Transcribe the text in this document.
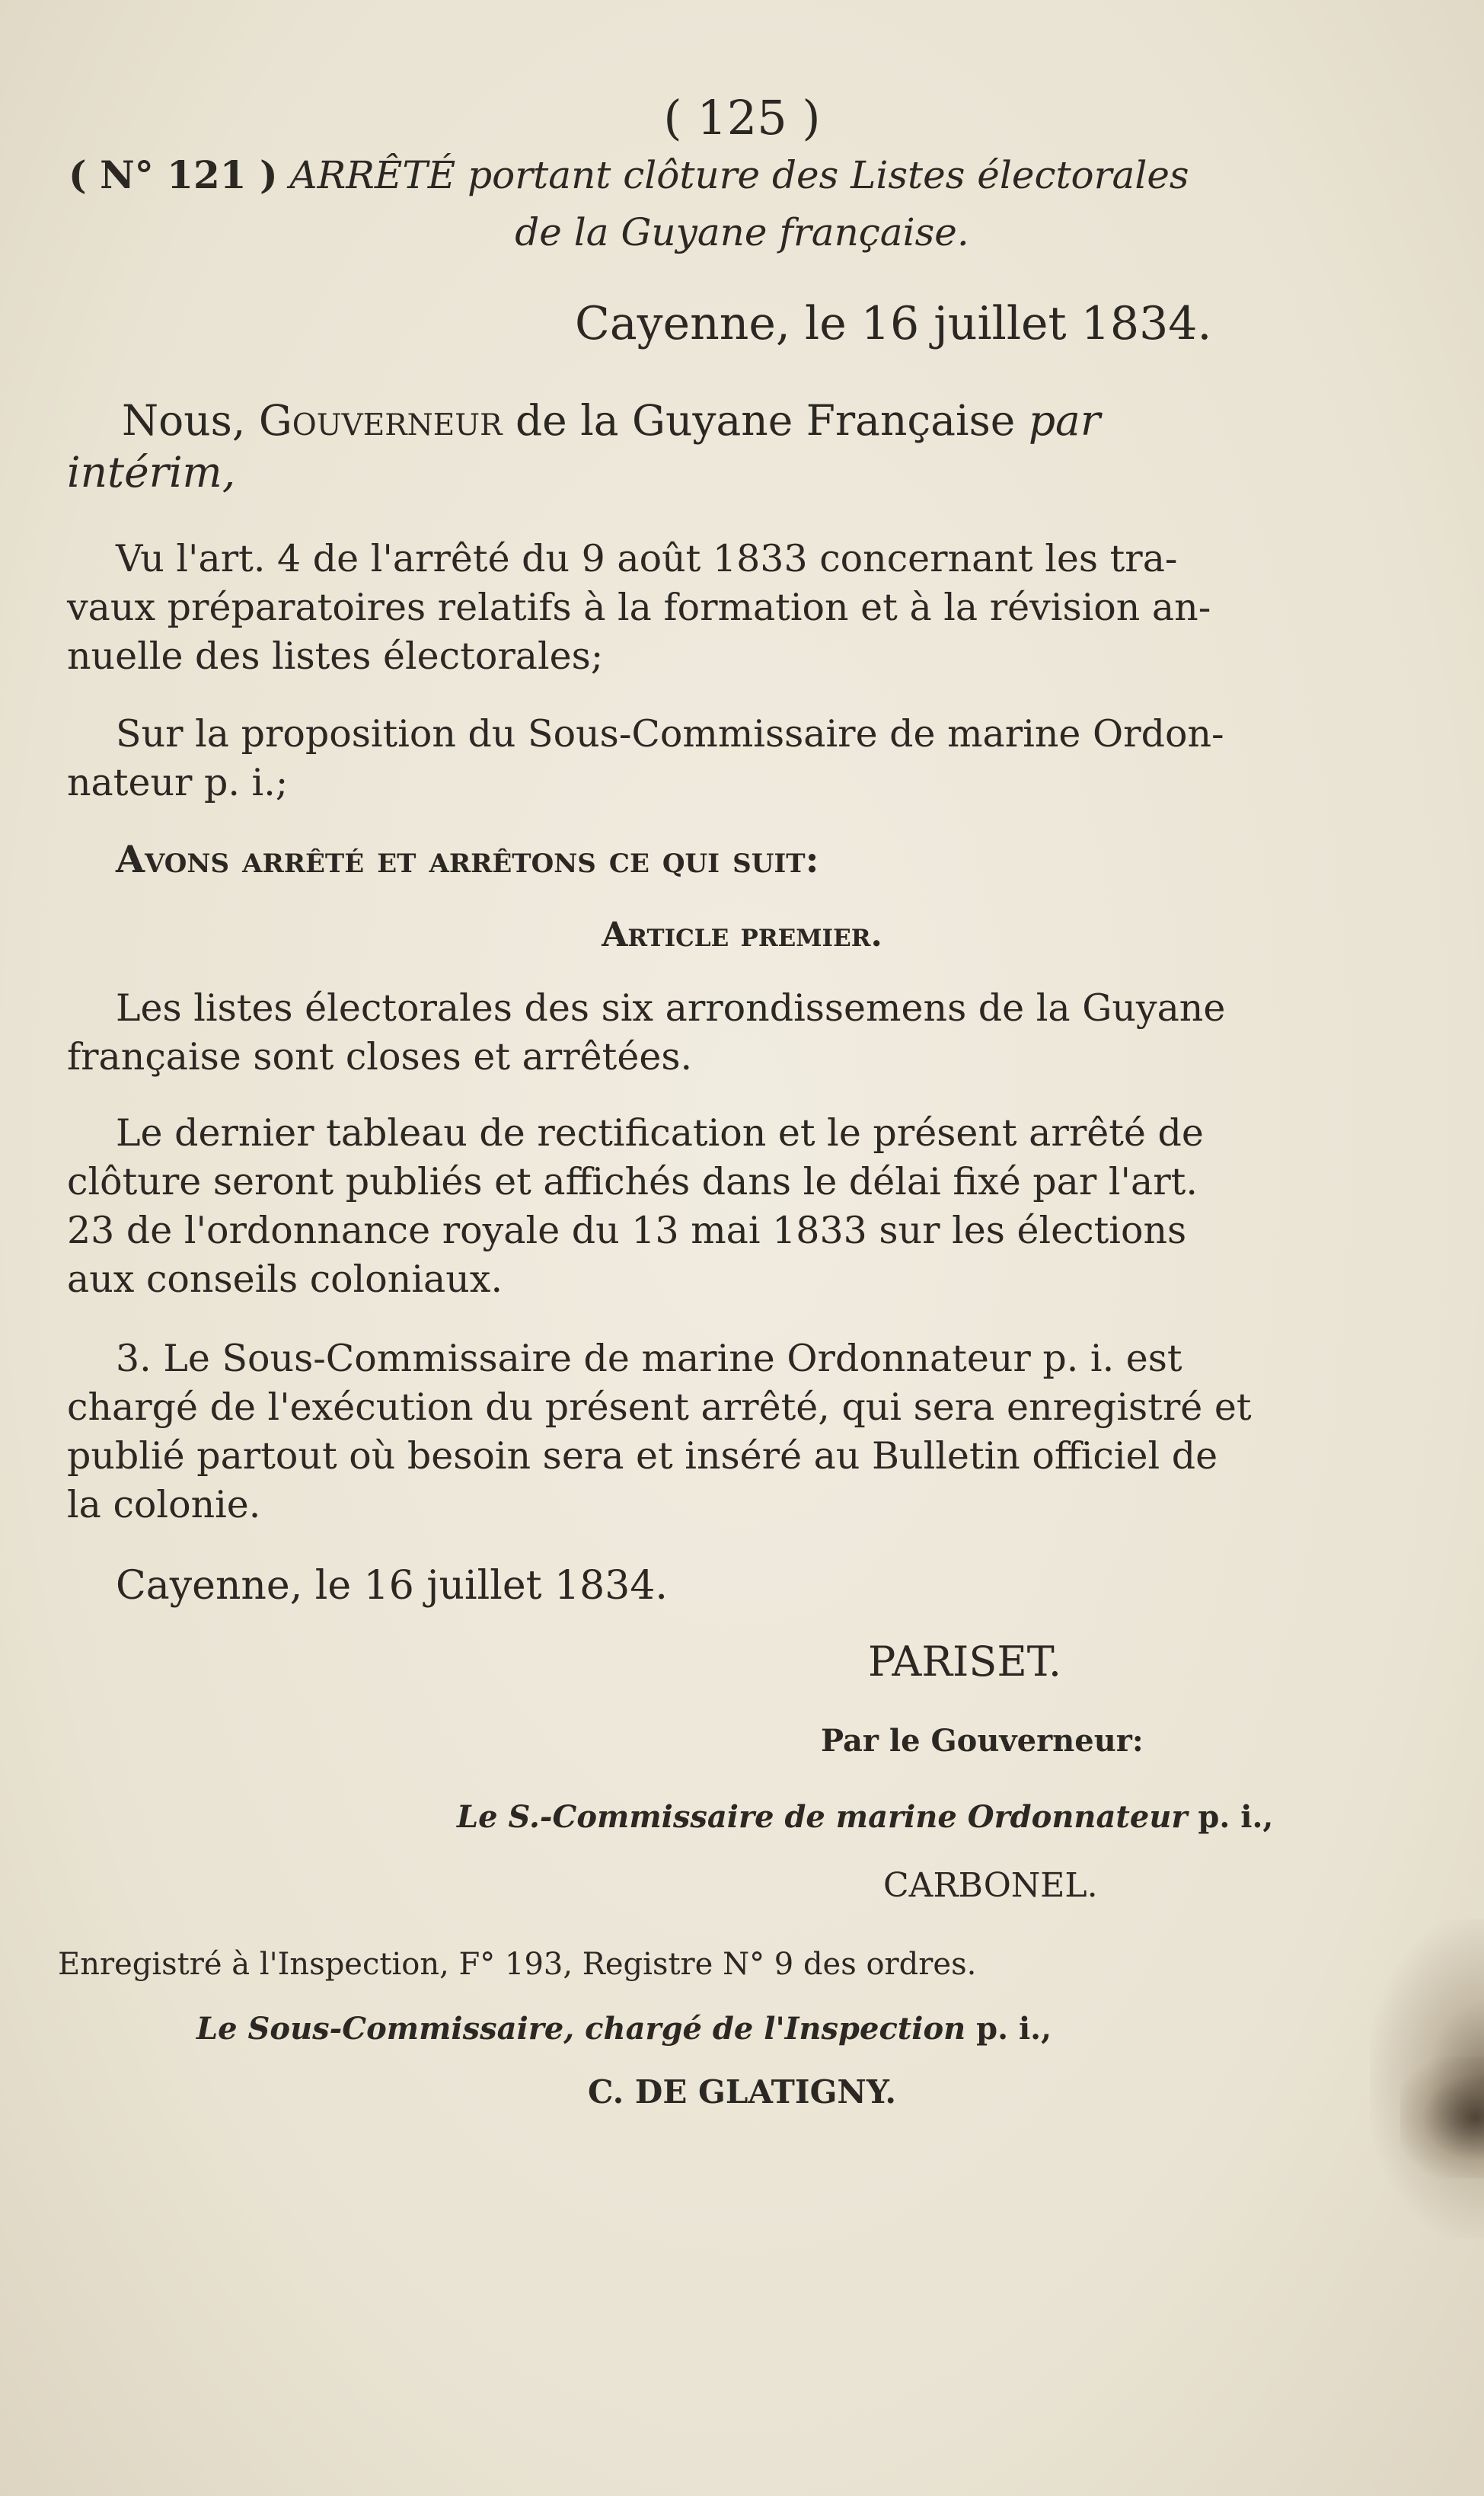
( 125 )
( N° 121 ) ARRÊTÉ portant clôture des Listes électorales
de la Guyane française.
Cayenne, le 16 juillet 1834.
Nous, Gouverneur de la Guyane Française par
intérim,
Vu l'art. 4 de l'arrêté du 9 août 1833 concernant les tra-
vaux préparatoires relatifs à la formation et à la révision an-
nuelle des listes électorales;
Sur la proposition du Sous-Commissaire de marine Ordon-
nateur p. i.;
Avons arrêté et arrêtons ce qui suit:
Article premier.
Les listes électorales des six arrondissemens de la Guyane
française sont closes et arrêtées.
Le dernier tableau de rectification et le présent arrêté de
clôture seront publiés et affichés dans le délai fixé par l'art.
23 de l'ordonnance royale du 13 mai 1833 sur les élections
aux conseils coloniaux.
3. Le Sous-Commissaire de marine Ordonnateur p. i. est
chargé de l'exécution du présent arrêté, qui sera enregistré et
publié partout où besoin sera et inséré au Bulletin officiel de
la colonie.
Cayenne, le 16 juillet 1834.
PARISET.
Par le Gouverneur:
Le S.-Commissaire de marine Ordonnateur p. i.,
CARBONEL.
Enregistré à l'Inspection, F° 193, Registre N° 9 des ordres.
Le Sous-Commissaire, chargé de l'Inspection p. i.,
C. DE GLATIGNY.
